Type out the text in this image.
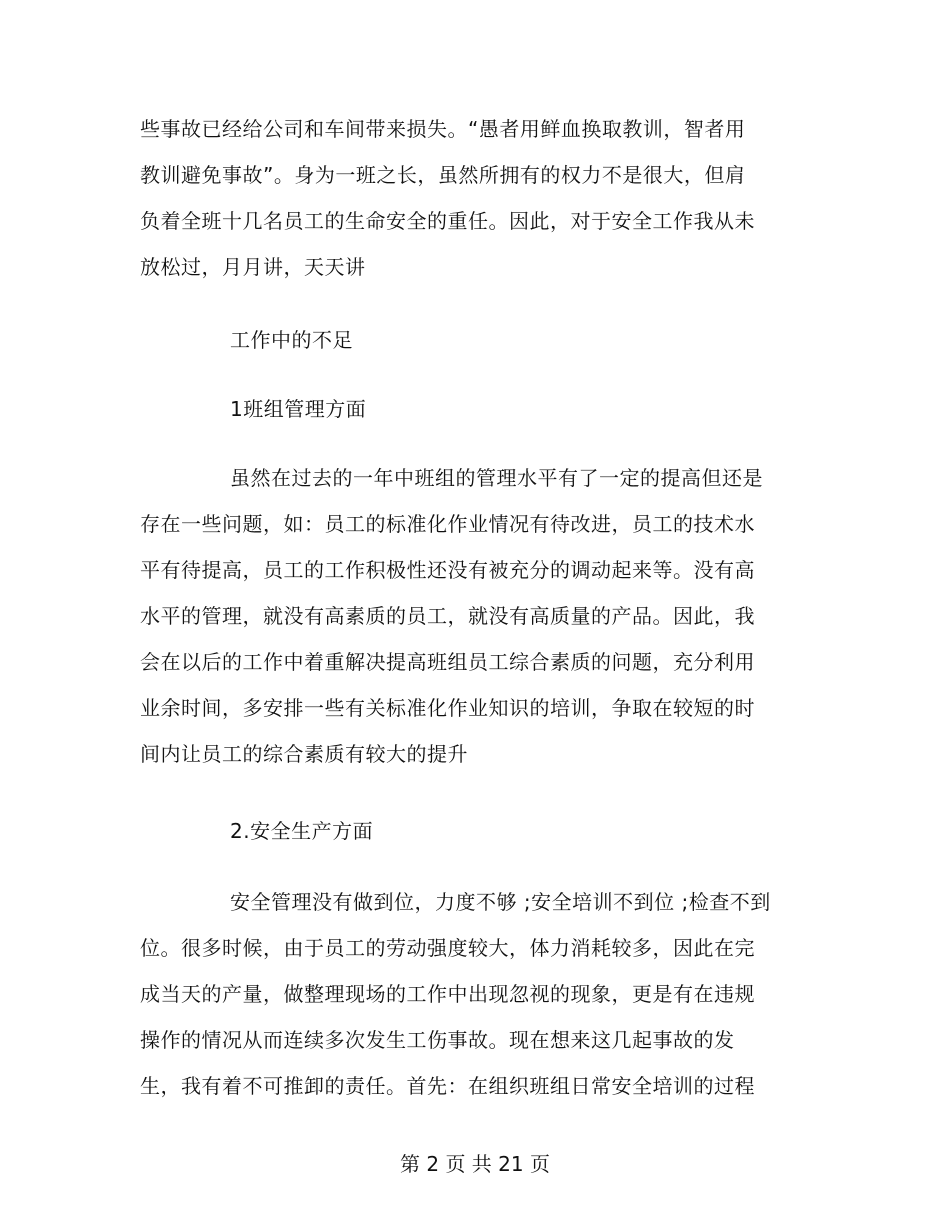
些事故已经给公司和车间带来损失。“愚者用鲜血换取教训，智者用
教训避免事故”。身为一班之长，虽然所拥有的权力不是很大，但肩
负着全班十几名员工的生命安全的重任。因此，对于安全工作我从未
放松过，月月讲，天天讲
工作中的不足
1班组管理方面
虽然在过去的一年中班组的管理水平有了一定的提高但还是
存在一些问题，如：员工的标准化作业情况有待改进，员工的技术水
平有待提高，员工的工作积极性还没有被充分的调动起来等。没有高
水平的管理，就没有高素质的员工，就没有高质量的产品。因此，我
会在以后的工作中着重解决提高班组员工综合素质的问题，充分利用
业余时间，多安排一些有关标准化作业知识的培训，争取在较短的时
间内让员工的综合素质有较大的提升
2.安全生产方面
安全管理没有做到位，力度不够 ;安全培训不到位 ;检查不到
位。很多时候，由于员工的劳动强度较大，体力消耗较多，因此在完
成当天的产量，做整理现场的工作中出现忽视的现象，更是有在违规
操作的情况从而连续多次发生工伤事故。现在想来这几起事故的发
生，我有着不可推卸的责任。首先：在组织班组日常安全培训的过程
第 2 页 共 21 页
